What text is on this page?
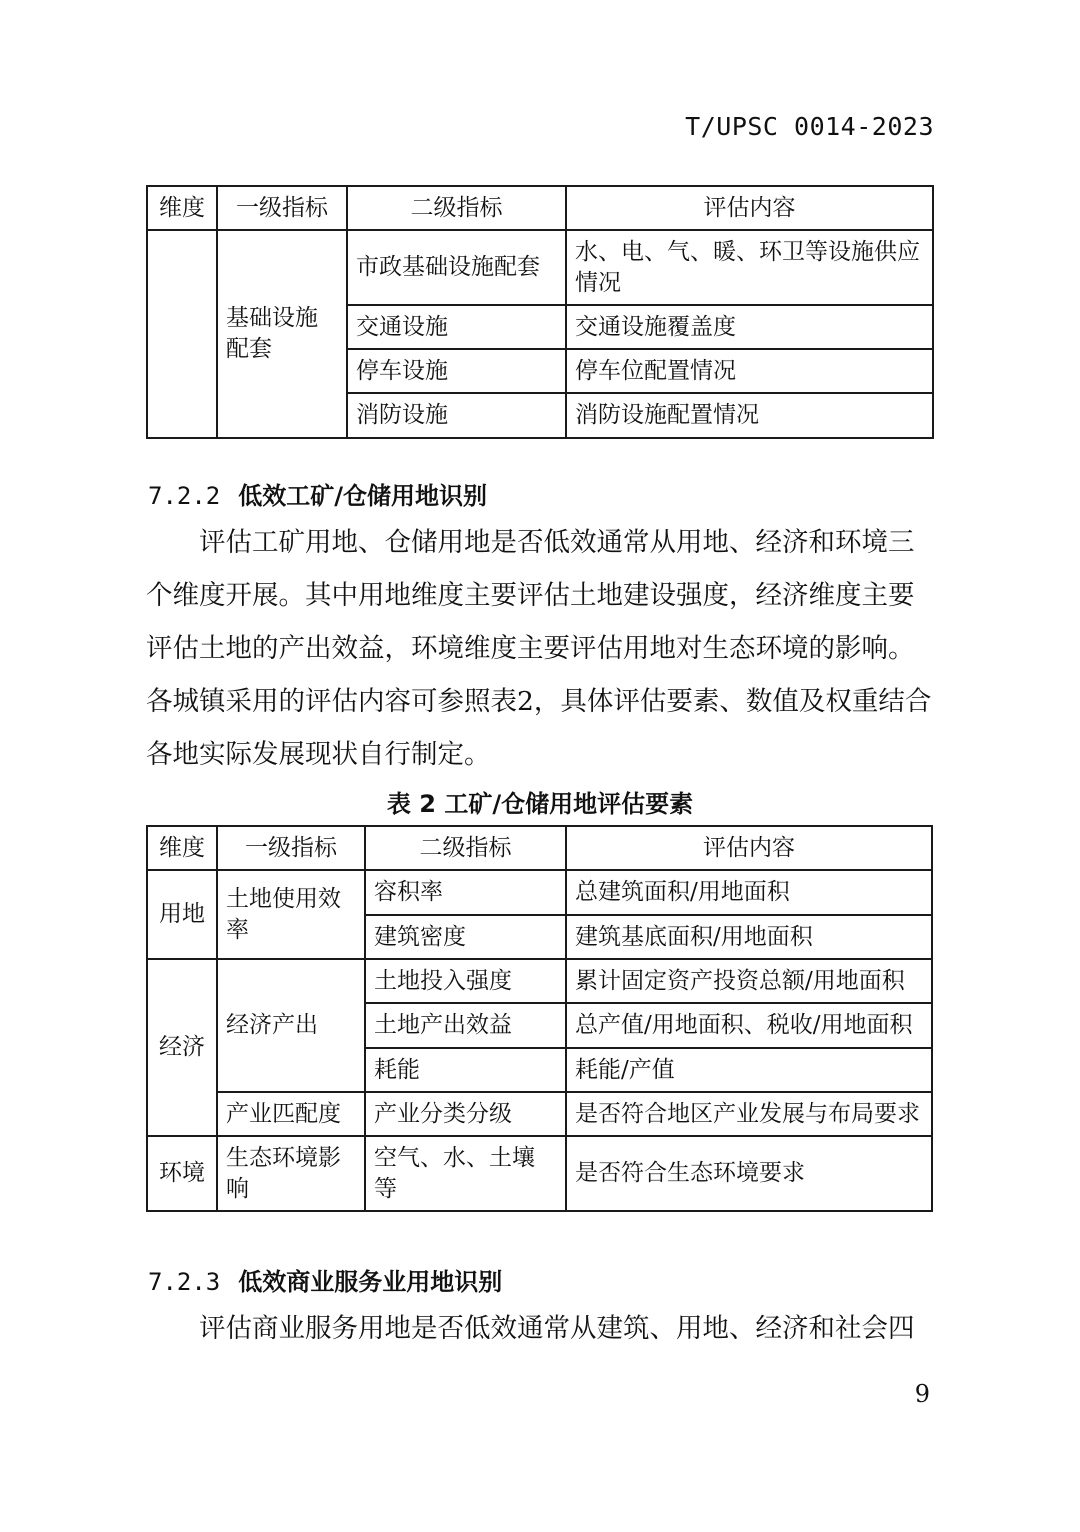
T/UPSC 0014-2023
维度	一级指标	二级指标	评估内容
	基础设施配套	市政基础设施配套	水、电、气、暖、环卫等设施供应情况
		交通设施	交通设施覆盖度
		停车设施	停车位配置情况
		消防设施	消防设施配置情况
7.2.2 低效工矿/仓储用地识别

评估工矿用地、仓储用地是否低效通常从用地、经济和环境三个维度开展。其中用地维度主要评估土地建设强度，经济维度主要评估土地的产出效益，环境维度主要评估用地对生态环境的影响。各城镇采用的评估内容可参照表2，具体评估要素、数值及权重结合各地实际发展现状自行制定。

表 2 工矿/仓储用地评估要素
维度	一级指标	二级指标	评估内容
用地	土地使用效率	容积率	总建筑面积/用地面积
		建筑密度	建筑基底面积/用地面积
经济	经济产出	土地投入强度	累计固定资产投资总额/用地面积
		土地产出效益	总产值/用地面积、税收/用地面积
		耗能	耗能/产值
	产业匹配度	产业分类分级	是否符合地区产业发展与布局要求
环境	生态环境影响	空气、水、土壤等	是否符合生态环境要求
7.2.3 低效商业服务业用地识别

评估商业服务用地是否低效通常从建筑、用地、经济和社会四

9
